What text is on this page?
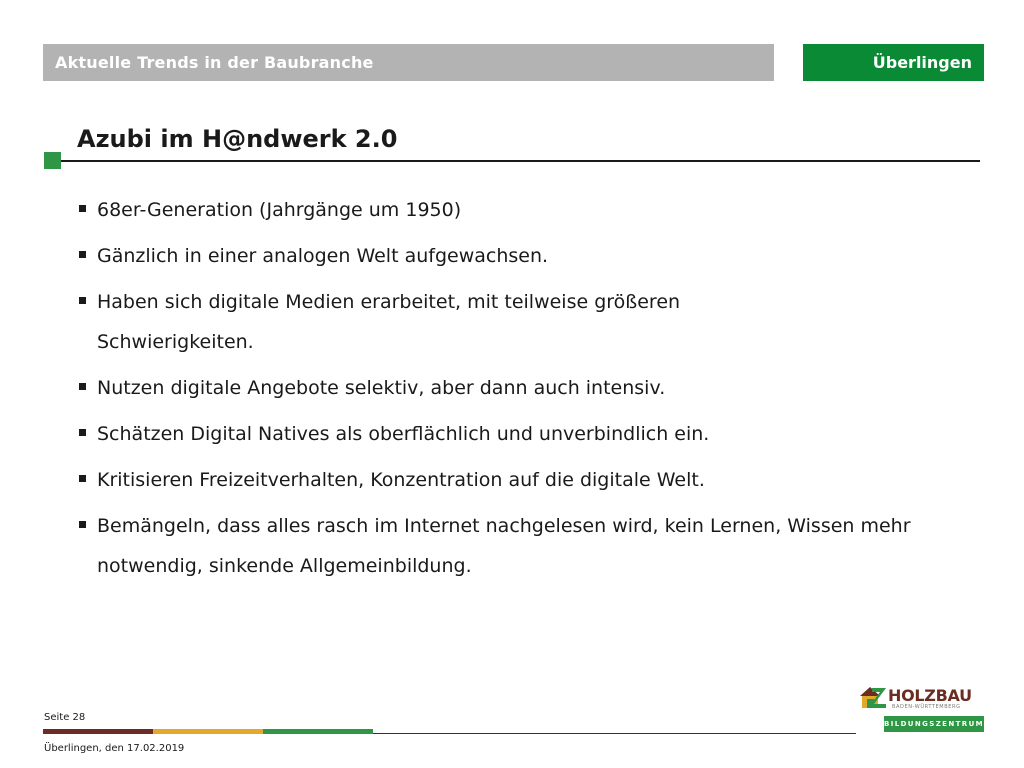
Aktuelle Trends in der Baubranche	Überlingen
Azubi im H@ndwerk 2.0
68er-Generation (Jahrgänge um 1950)
Gänzlich in einer analogen Welt aufgewachsen.
Haben sich digitale Medien erarbeitet, mit teilweise größeren Schwierigkeiten.
Nutzen digitale Angebote selektiv, aber dann auch intensiv.
Schätzen Digital Natives als oberflächlich und unverbindlich ein.
Kritisieren Freizeitverhalten, Konzentration auf die digitale Welt.
Bemängeln, dass alles rasch im Internet nachgelesen wird, kein Lernen, Wissen mehr notwendig, sinkende Allgemeinbildung.
Seite 28
Überlingen, den 17.02.2019
HOLZBAU
BADEN-WÜRTTEMBERG
BILDUNGSZENTRUM
